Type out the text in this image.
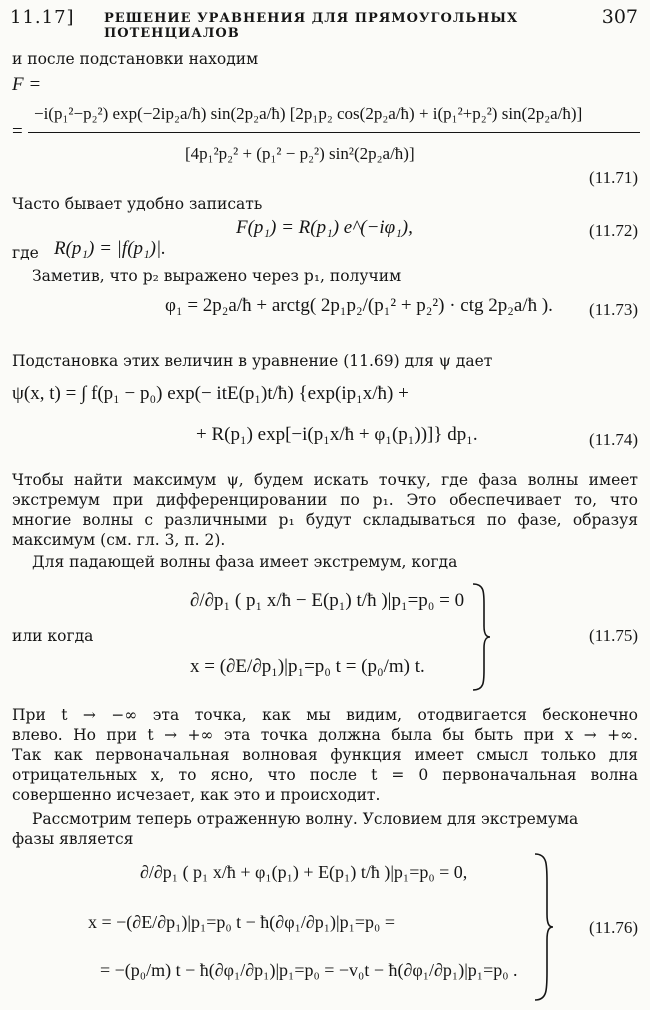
11.17] РЕШЕНИЕ УРАВНЕНИЯ ДЛЯ ПРЯМОУГОЛЬНЫХ ПОТЕНЦИАЛОВ
307
и после подстановки находим
F =
−i(p₁²−p₂²) exp(−2ip₂a/ħ) sin(2p₂a/ħ) [2p₁p₂ cos(2p₂a/ħ) + i(p₁²+p₂²) sin(2p₂a/ħ)]
=
[4p₁²p₂² + (p₁² − p₂²) sin²(2p₂a/ħ)]
(11.71)
Часто бывает удобно записать
F(p₁) = R(p₁) e^(−iφ₁),	(11.72)
где R(p₁) = |f(p₁)|.
Заметив, что p₂ выражено через p₁, получим
φ₁ = 2p₂a/ħ + arctg( 2p₁p₂/(p₁² + p₂²) · ctg 2p₂a/ħ ). (11.73)
Подстановка этих величин в уравнение (11.69) для ψ дает
ψ(x, t) = ∫ f(p₁ − p₀) exp(− itE(p₁)t/ħ) {exp(ip₁x/ħ) +
+ R(p₁) exp[−i(p₁x/ħ + φ₁(p₁))]} dp₁.	(11.74)
Чтобы найти максимум ψ, будем искать точку, где фаза волны имеет
экстремум при дифференцировании по p₁. Это обеспечивает то, что
многие волны с различными p₁ будут складываться по фазе, образуя
максимум (см. гл. 3, п. 2).
Для падающей волны фаза имеет экстремум, когда
∂/∂p₁ ( p₁ x/ħ − E(p₁) t/ħ )|p₁=p₀ = 0
или когда
x = (∂E/∂p₁)|p₁=p₀ t = (p₀/m) t.
(11.75)
При t → −∞ эта точка, как мы видим, отодвигается бесконечно
влево. Но при t → +∞ эта точка должна была бы быть при x → +∞.
Так как первоначальная волновая функция имеет смысл только для
отрицательных x, то ясно, что после t = 0 первоначальная волна
совершенно исчезает, как это и происходит.
Рассмотрим теперь отраженную волну. Условием для экстремума
фазы является
∂/∂p₁ ( p₁ x/ħ + φ₁(p₁) + E(p₁) t/ħ )|p₁=p₀ = 0,
x = −(∂E/∂p₁)|p₁=p₀ t − ħ(∂φ₁/∂p₁)|p₁=p₀ =
= −(p₀/m) t − ħ(∂φ₁/∂p₁)|p₁=p₀ = −v₀t − ħ(∂φ₁/∂p₁)|p₁=p₀ .
(11.76)
